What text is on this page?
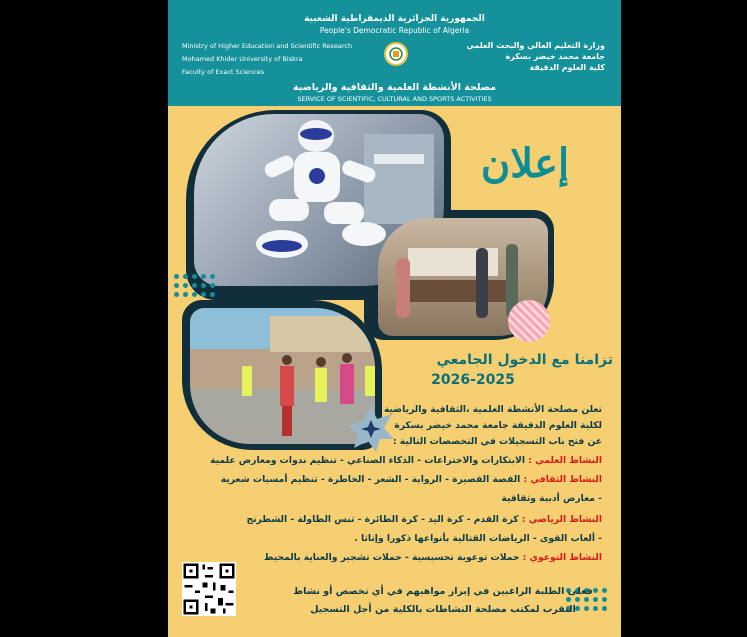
الجمهورية الجزائرية الديمقراطية الشعبية
People's Democratic Republic of Algeria
Ministry of Higher Education and Scientific Research
Mohamed Khider University of Biskra
Faculty of Exact Sciences
وزارة التعليم العالي والبحث العلمي
جامعة محمد خيضر بسكرة
كلية العلوم الدقيقة
مصلحة الأنشطة العلمية والثقافية والرياضية
SERVICE OF SCIENTIFIC, CULTURAL AND SPORTS ACTIVITIES
إعلان
تزامنا مع الدخول الجامعي
2026-2025
تعلن مصلحة الأنشطة العلمية ،الثقافية والرياضية
لكلية العلوم الدقيقة جامعة محمد خيضر بسكرة
عن فتح باب التسجيلات في التخصصات التالية :
النشاط العلمي : الابتكارات والاختراعات - الذكاء الصناعي - تنظيم ندوات ومعارض علمية
النشاط الثقافي : القصة القصيرة - الرواية - الشعر - الخاطرة - تنظيم أمسيات شعرية
- معارض أدبية وثقافية
النشاط الرياضي : كرة القدم - كرة اليد - كرة الطائرة - تنس الطاولة - الشطرنج
- ألعاب القوى - الرياضات القتالية بأنواعها ذكورا وإناثا .
النشاط التوعوي : حملات توعوية تحسيسية - حملات تشجير والعناية بالمحيط
فعلى الطلبة الراغبين في إبراز مواهبهم في أي تخصص أو نشاط
التقرب لمكتب مصلحة النشاطات بالكلية من أجل التسجيل
